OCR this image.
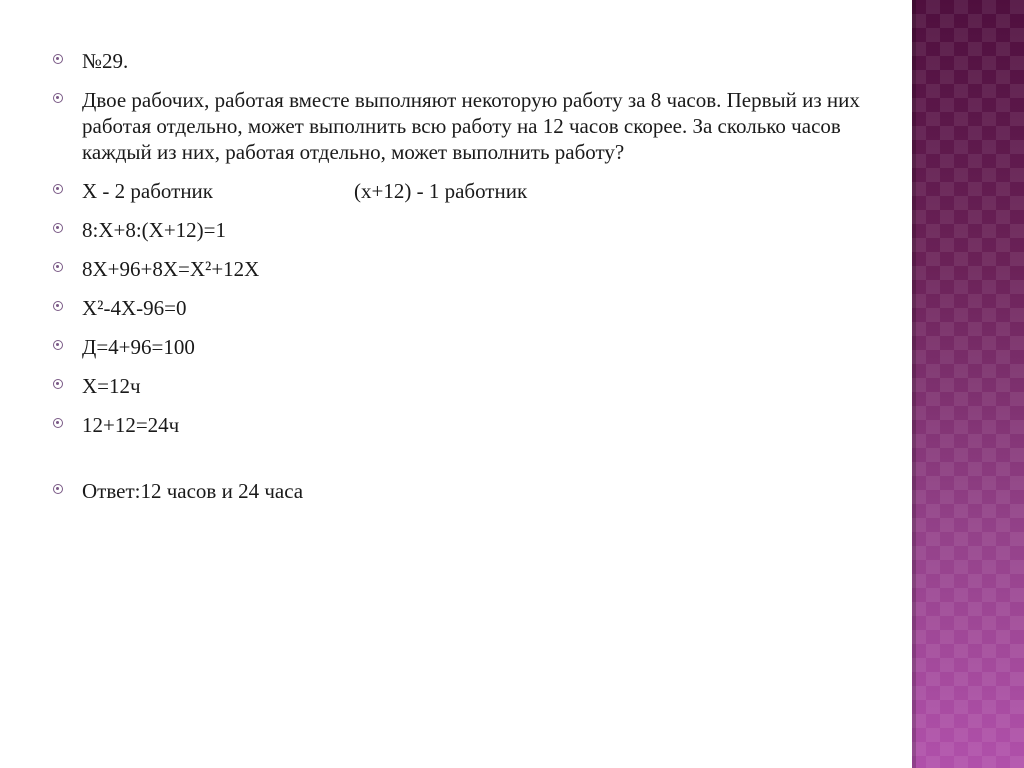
№29.
Двое рабочих, работая вместе выполняют некоторую работу за 8 часов. Первый из них работая отдельно, может выполнить всю работу на 12 часов скорее. За сколько часов каждый из них, работая отдельно, может выполнить работу?
Х - 2 работник	(х+12) - 1 работник
8:Х+8:(Х+12)=1
8Х+96+8Х=Х²+12Х
Х²-4Х-96=0
Д=4+96=100
Х=12ч
12+12=24ч
Ответ:12 часов и 24 часа
